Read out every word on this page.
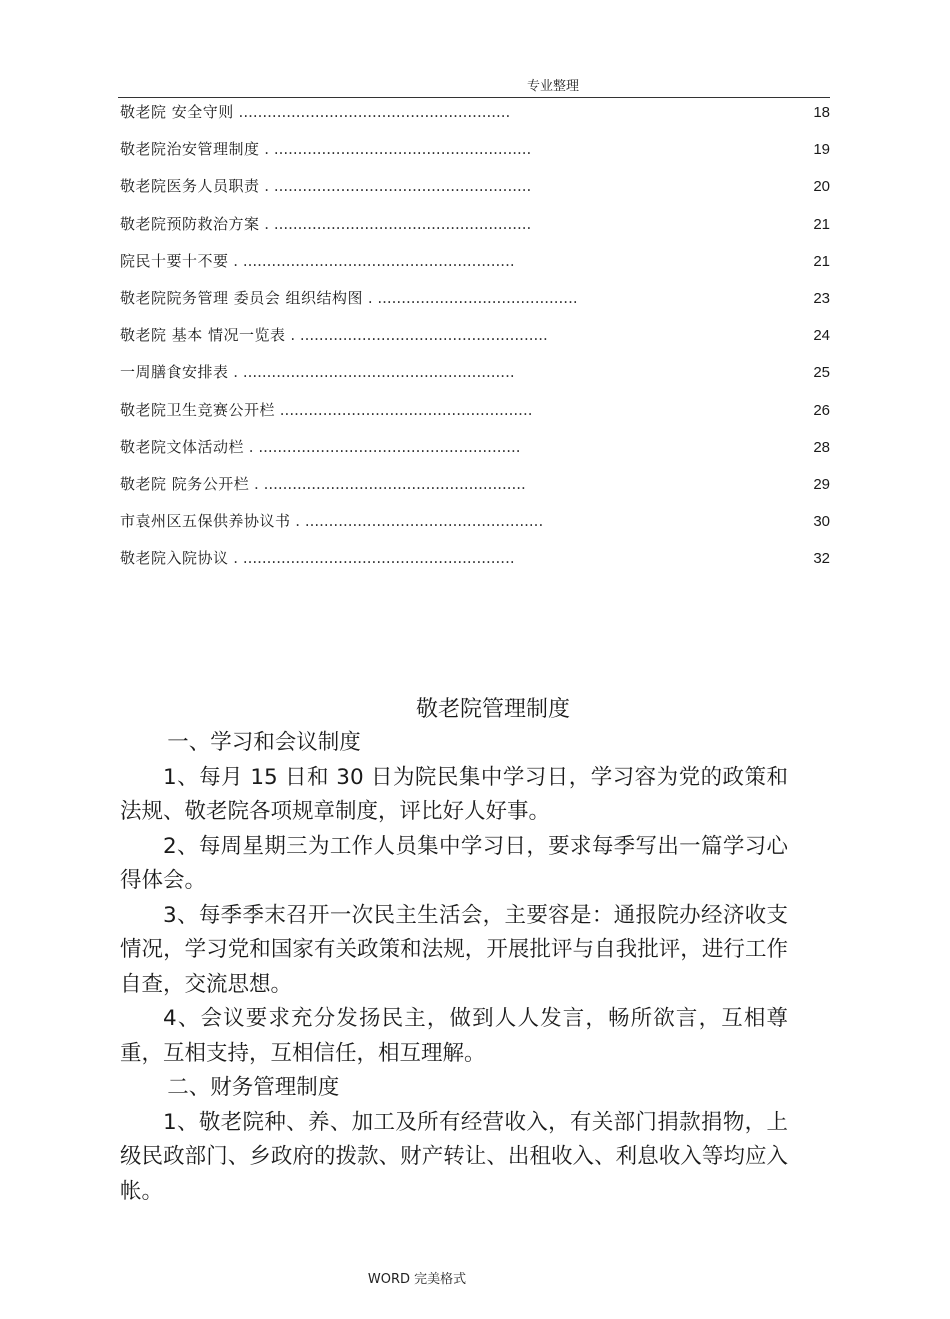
专业整理
敬老院 安全守则 .........................................................	18
敬老院治安管理制度 . ......................................................	19
敬老院医务人员职责 . ......................................................	20
敬老院预防救治方案 . ......................................................	21
院民十要十不要 . .........................................................	21
敬老院院务管理 委员会 组织结构图 . ..........................................	23
敬老院 基本 情况一览表 . ....................................................	24
一周膳食安排表 . .........................................................	25
敬老院卫生竞赛公开栏 .....................................................	26
敬老院文体活动栏 . .......................................................	28
敬老院 院务公开栏 . .......................................................	29
市袁州区五保供养协议书 . ..................................................	30
敬老院入院协议 . .........................................................	32
敬老院管理制度

一、学习和会议制度

1、每月 15 日和 30 日为院民集中学习日，学习容为党的政策和法规、敬老院各项规章制度，评比好人好事。

2、每周星期三为工作人员集中学习日，要求每季写出一篇学习心得体会。

3、每季季末召开一次民主生活会，主要容是：通报院办经济收支情况，学习党和国家有关政策和法规，开展批评与自我批评，进行工作自查，交流思想。

4、会议要求充分发扬民主，做到人人发言，畅所欲言，互相尊重，互相支持，互相信任，相互理解。

二、财务管理制度

1、敬老院种、养、加工及所有经营收入，有关部门捐款捐物，上级民政部门、乡政府的拨款、财产转让、出租收入、利息收入等均应入帐。

WORD 完美格式
